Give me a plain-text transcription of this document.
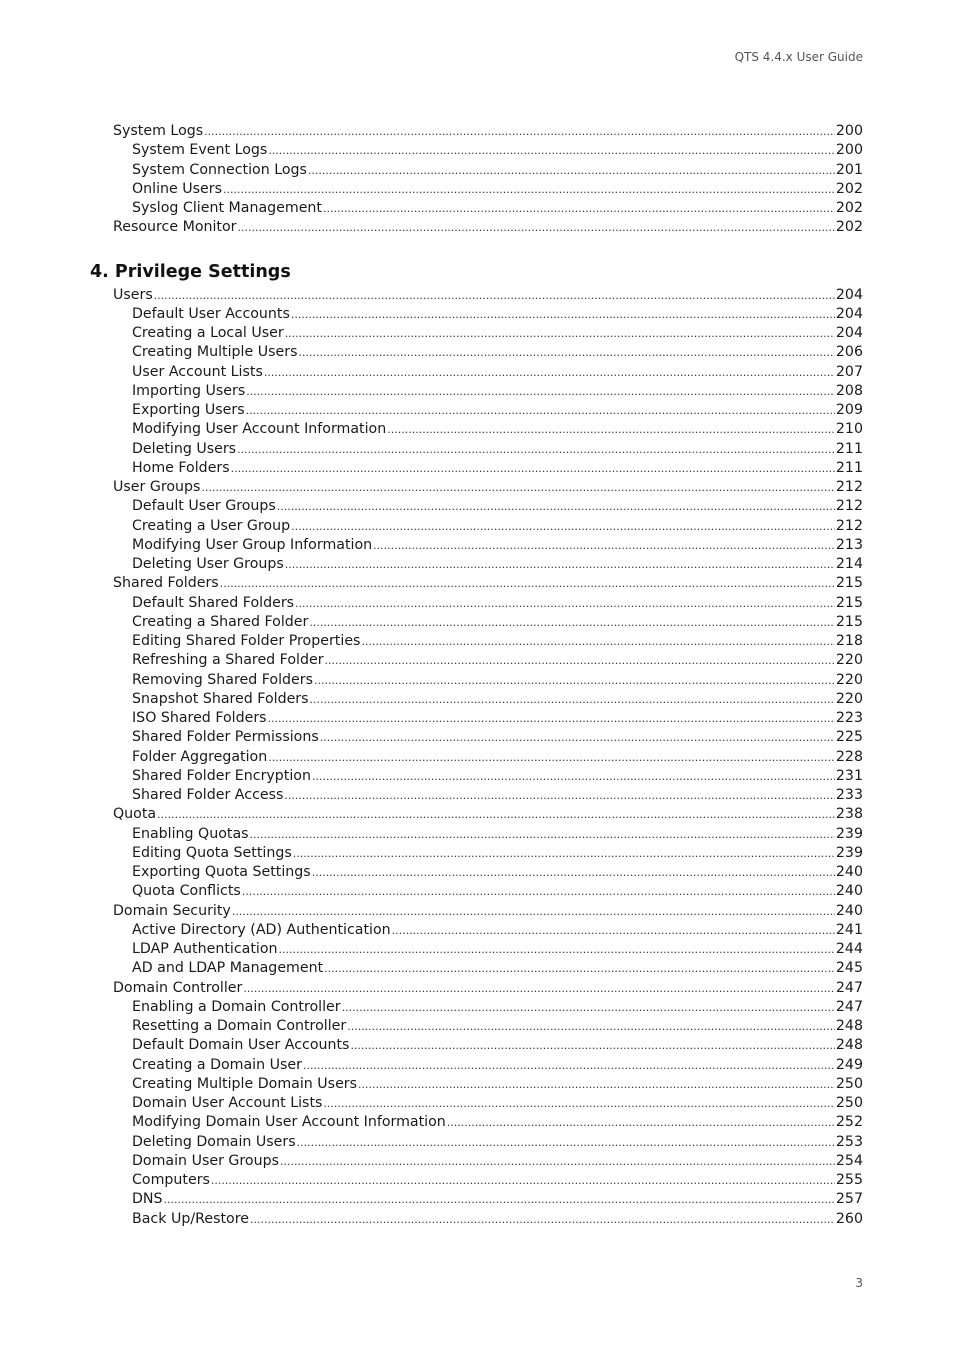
QTS 4.4.x User Guide
System Logs .....	200
System Event Logs .....	200
System Connection Logs .....	201
Online Users .....	202
Syslog Client Management .....	202
Resource Monitor .....	202
4. Privilege Settings
Users .....	204
Default User Accounts .....	204
Creating a Local User .....	204
Creating Multiple Users .....	206
User Account Lists .....	207
Importing Users .....	208
Exporting Users .....	209
Modifying User Account Information .....	210
Deleting Users .....	211
Home Folders .....	211
User Groups .....	212
Default User Groups .....	212
Creating a User Group .....	212
Modifying User Group Information .....	213
Deleting User Groups .....	214
Shared Folders .....	215
Default Shared Folders .....	215
Creating a Shared Folder .....	215
Editing Shared Folder Properties .....	218
Refreshing a Shared Folder .....	220
Removing Shared Folders .....	220
Snapshot Shared Folders .....	220
ISO Shared Folders .....	223
Shared Folder Permissions .....	225
Folder Aggregation .....	228
Shared Folder Encryption .....	231
Shared Folder Access .....	233
Quota .....	238
Enabling Quotas .....	239
Editing Quota Settings .....	239
Exporting Quota Settings .....	240
Quota Conflicts .....	240
Domain Security .....	240
Active Directory (AD) Authentication .....	241
LDAP Authentication .....	244
AD and LDAP Management .....	245
Domain Controller .....	247
Enabling a Domain Controller .....	247
Resetting a Domain Controller .....	248
Default Domain User Accounts .....	248
Creating a Domain User .....	249
Creating Multiple Domain Users .....	250
Domain User Account Lists .....	250
Modifying Domain User Account Information .....	252
Deleting Domain Users .....	253
Domain User Groups .....	254
Computers .....	255
DNS .....	257
Back Up/Restore .....	260
3
